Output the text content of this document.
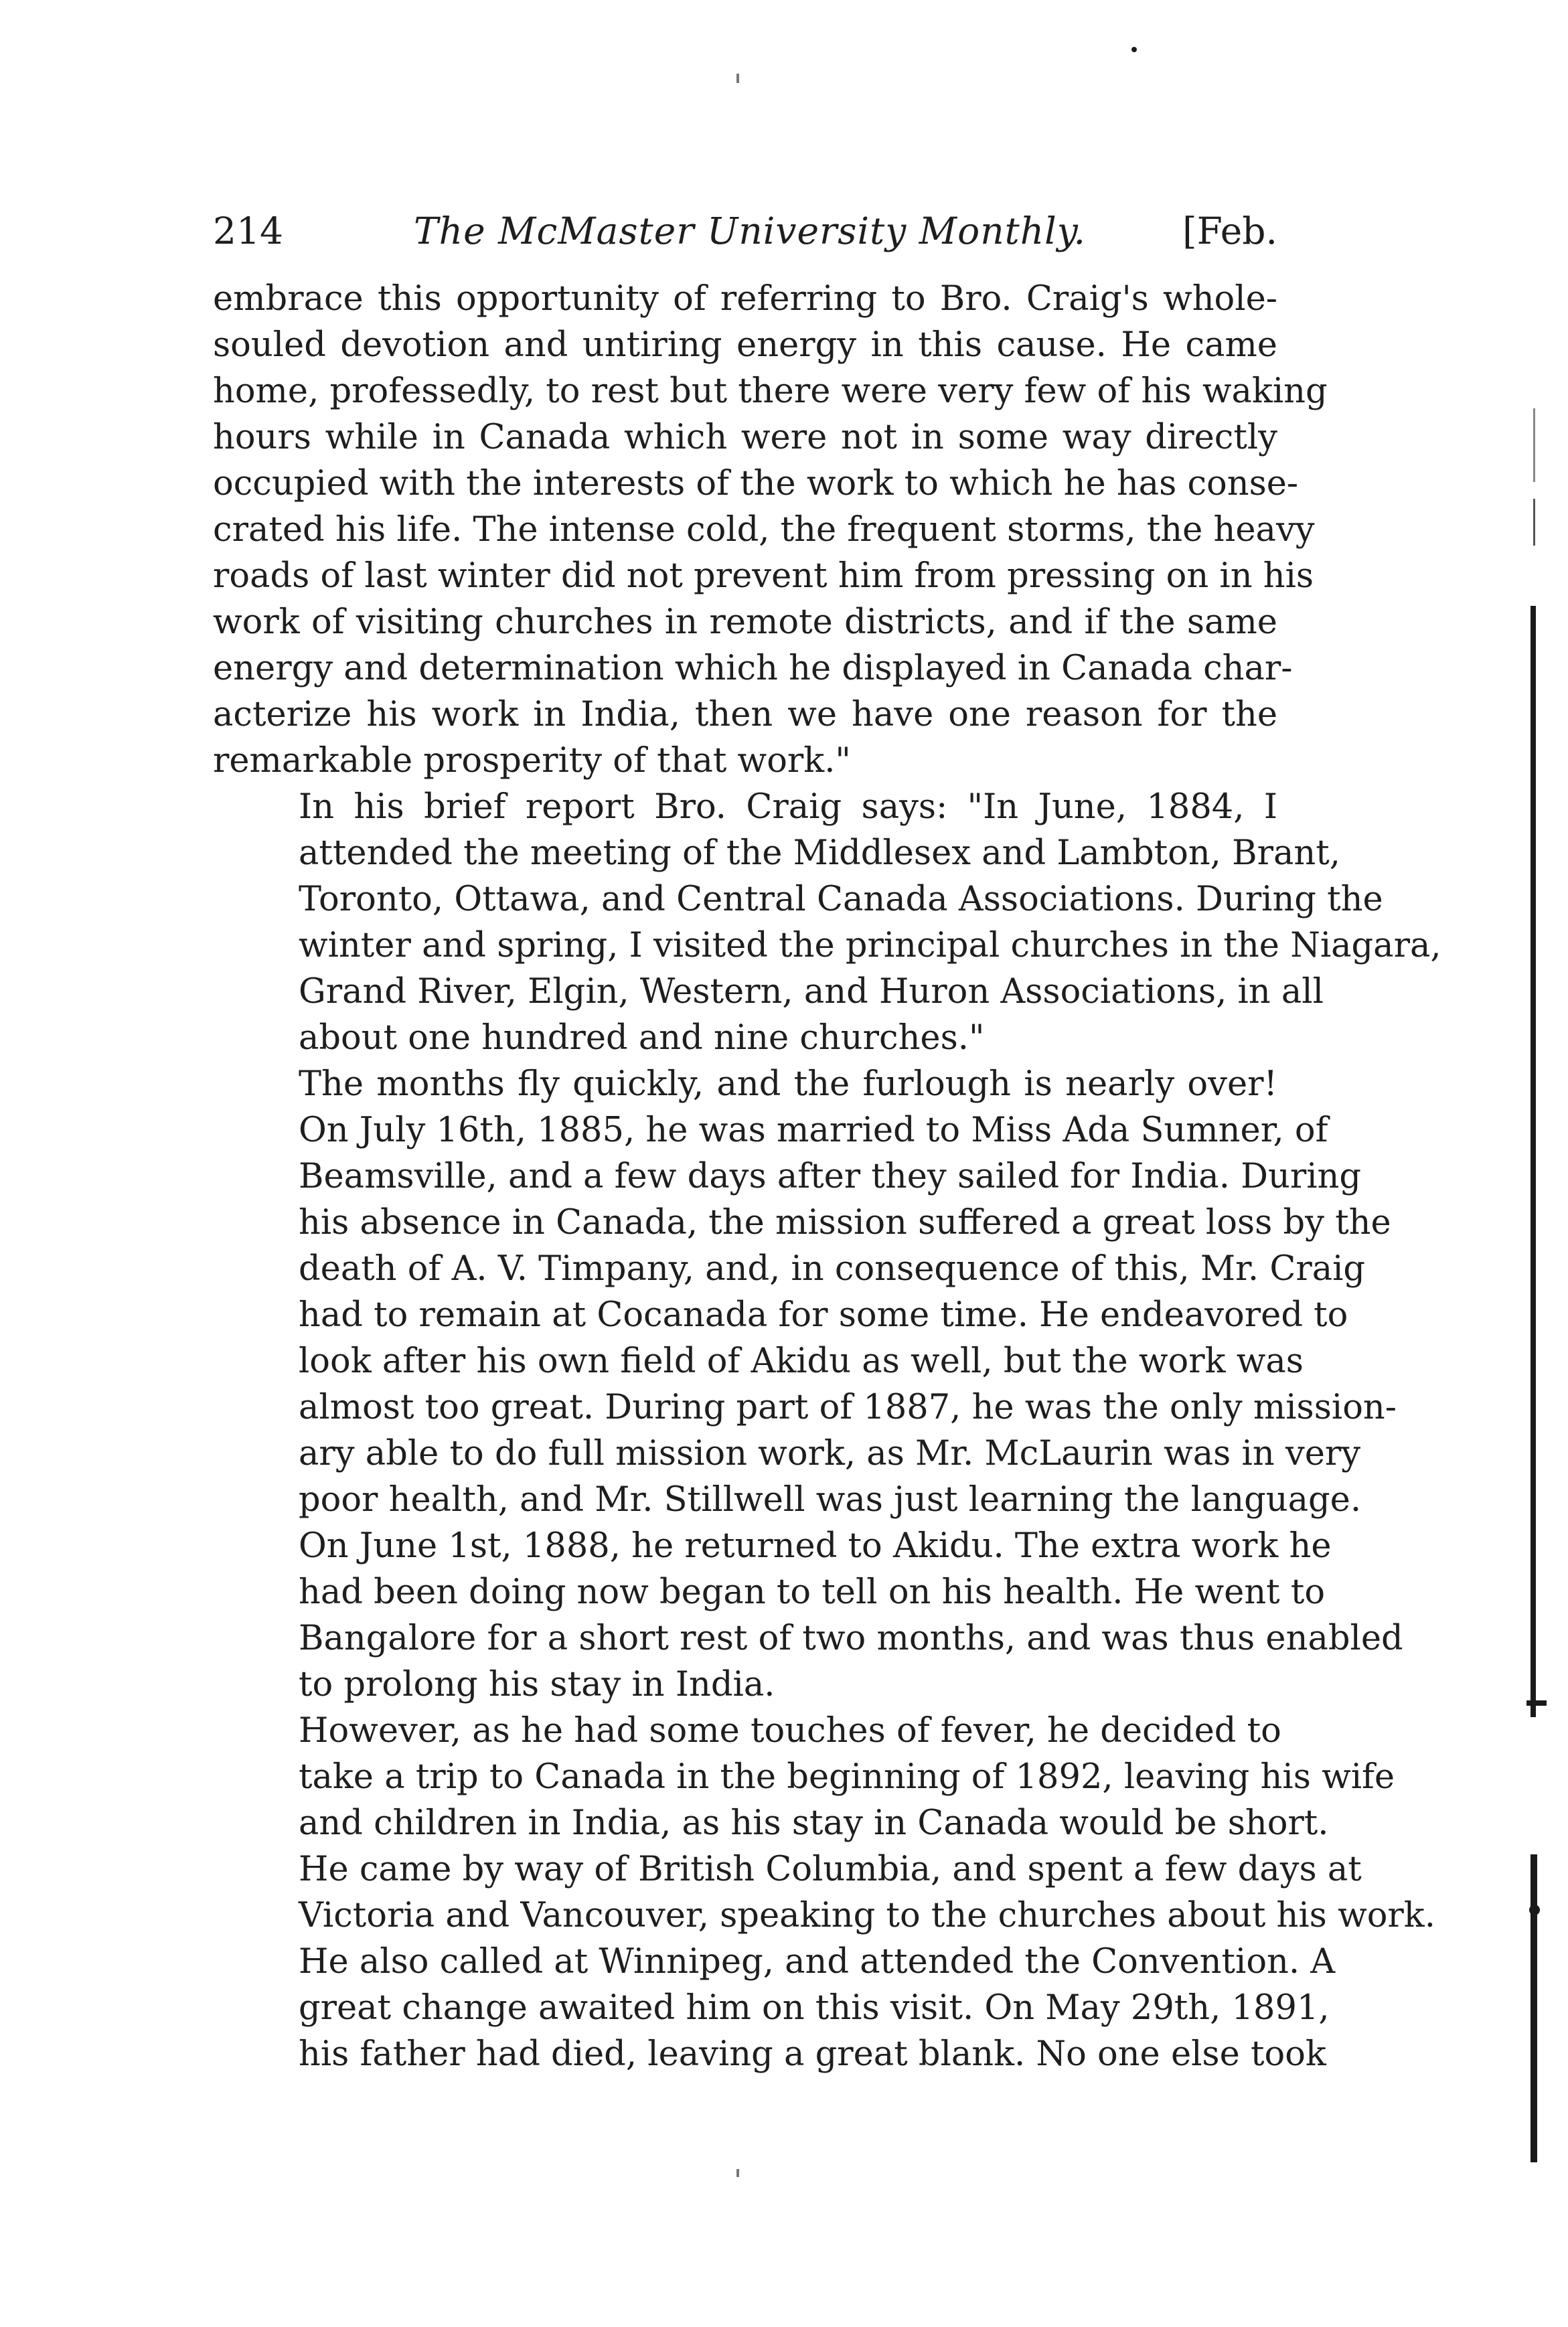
214	The McMaster University Monthly.	[Feb.

embrace this opportunity of referring to Bro. Craig's whole-
souled devotion and untiring energy in this cause. He came
home, professedly, to rest but there were very few of his waking
hours while in Canada which were not in some way directly
occupied with the interests of the work to which he has conse-
crated his life. The intense cold, the frequent storms, the heavy
roads of last winter did not prevent him from pressing on in his
work of visiting churches in remote districts, and if the same
energy and determination which he displayed in Canada char-
acterize his work in India, then we have one reason for the
remarkable prosperity of that work."

In his brief report Bro. Craig says: "In June, 1884, I
attended the meeting of the Middlesex and Lambton, Brant,
Toronto, Ottawa, and Central Canada Associations. During the
winter and spring, I visited the principal churches in the Niagara,
Grand River, Elgin, Western, and Huron Associations, in all
about one hundred and nine churches."

The months fly quickly, and the furlough is nearly over!
On July 16th, 1885, he was married to Miss Ada Sumner, of
Beamsville, and a few days after they sailed for India. During
his absence in Canada, the mission suffered a great loss by the
death of A. V. Timpany, and, in consequence of this, Mr. Craig
had to remain at Cocanada for some time. He endeavored to
look after his own field of Akidu as well, but the work was
almost too great. During part of 1887, he was the only mission-
ary able to do full mission work, as Mr. McLaurin was in very
poor health, and Mr. Stillwell was just learning the language.
On June 1st, 1888, he returned to Akidu. The extra work he
had been doing now began to tell on his health. He went to
Bangalore for a short rest of two months, and was thus enabled
to prolong his stay in India.

However, as he had some touches of fever, he decided to
take a trip to Canada in the beginning of 1892, leaving his wife
and children in India, as his stay in Canada would be short.
He came by way of British Columbia, and spent a few days at
Victoria and Vancouver, speaking to the churches about his work.
He also called at Winnipeg, and attended the Convention. A
great change awaited him on this visit. On May 29th, 1891,
his father had died, leaving a great blank. No one else took
